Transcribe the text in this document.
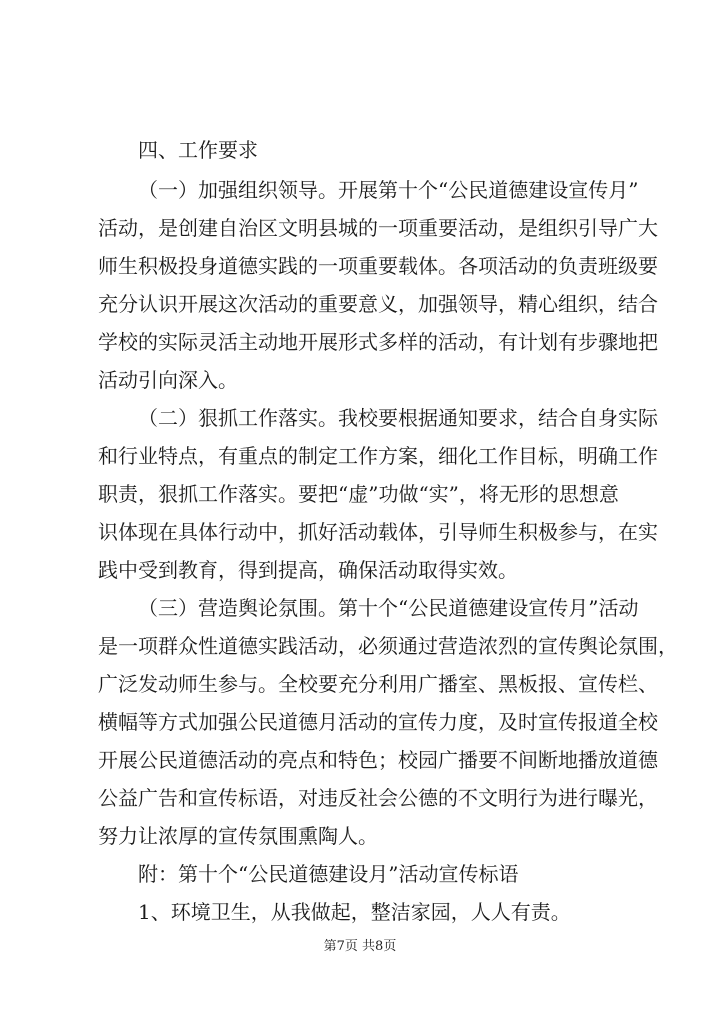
四、工作要求
（一）加强组织领导。开展第十个“公民道德建设宣传月”
活动，是创建自治区文明县城的一项重要活动，是组织引导广大
师生积极投身道德实践的一项重要载体。各项活动的负责班级要
充分认识开展这次活动的重要意义，加强领导，精心组织，结合
学校的实际灵活主动地开展形式多样的活动，有计划有步骤地把
活动引向深入。
（二）狠抓工作落实。我校要根据通知要求，结合自身实际
和行业特点，有重点的制定工作方案，细化工作目标，明确工作
职责，狠抓工作落实。要把“虚”功做“实”，将无形的思想意
识体现在具体行动中，抓好活动载体，引导师生积极参与，在实
践中受到教育，得到提高，确保活动取得实效。
（三）营造舆论氛围。第十个“公民道德建设宣传月”活动
是一项群众性道德实践活动，必须通过营造浓烈的宣传舆论氛围，
广泛发动师生参与。全校要充分利用广播室、黑板报、宣传栏、
横幅等方式加强公民道德月活动的宣传力度，及时宣传报道全校
开展公民道德活动的亮点和特色；校园广播要不间断地播放道德
公益广告和宣传标语，对违反社会公德的不文明行为进行曝光，
努力让浓厚的宣传氛围熏陶人。
附：第十个“公民道德建设月”活动宣传标语
1、环境卫生，从我做起，整洁家园，人人有责。
第7页 共8页
